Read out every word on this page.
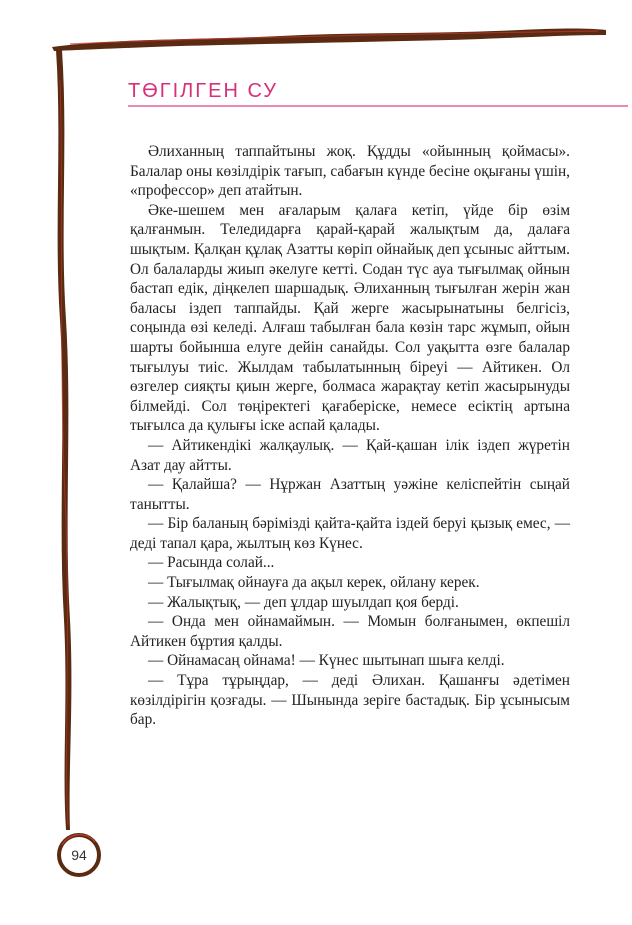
ТӨГІЛГЕН СУ

Әлиханның таппайтыны жоқ. Құдды «ойынның қоймасы». Балалар оны көзілдірік тағып, сабағын күнде бесіне оқығаны үшін, «профессор» деп атайтын.

Әке-шешем мен ағаларым қалаға кетіп, үйде бір өзім қалғанмын. Теледидарға қарай-қарай жалықтым да, далаға шықтым. Қалқан құлақ Азатты көріп ойнайық деп ұсыныс айттым. Ол балаларды жиып әкелуге кетті. Содан түс ауа тығылмақ ойнын бастап едік, діңкелеп шаршадық. Әлиханның тығылған жерін жан баласы іздеп таппайды. Қай жерге жасырынатыны белгісіз, соңында өзі келеді. Алғаш табылған бала көзін тарс жұмып, ойын шарты бойынша елуге дейін санайды. Сол уақытта өзге балалар тығылуы тиіс. Жылдам табылатынның біреуі — Айтикен. Ол өзгелер сияқты қиын жерге, болмаса жарақтау кетіп жасырынуды білмейді. Сол төңіректегі қағаберіске, немесе есіктің артына тығылса да қулығы іске аспай қалады.

— Айтикендікі жалқаулық. — Қай-қашан ілік іздеп жүретін Азат дау айтты.

— Қалайша? — Нұржан Азаттың уәжіне келіспейтін сыңай танытты.

— Бір баланың бәрімізді қайта-қайта іздей беруі қызық емес, — деді тапал қара, жылтың көз Күнес.

— Расында солай...

— Тығылмақ ойнауға да ақыл керек, ойлану керек.

— Жалықтық, — деп ұлдар шуылдап қоя берді.

— Онда мен ойнамаймын. — Момын болғанымен, өкпешіл Айтикен бұртия қалды.

— Ойнамасаң ойнама! — Күнес шытынап шыға келді.

— Тұра тұрыңдар, — деді Әлихан. Қашанғы әдетімен көзілдірігін қозғады. — Шынында зеріге бастадық. Бір ұсынысым бар.

94
